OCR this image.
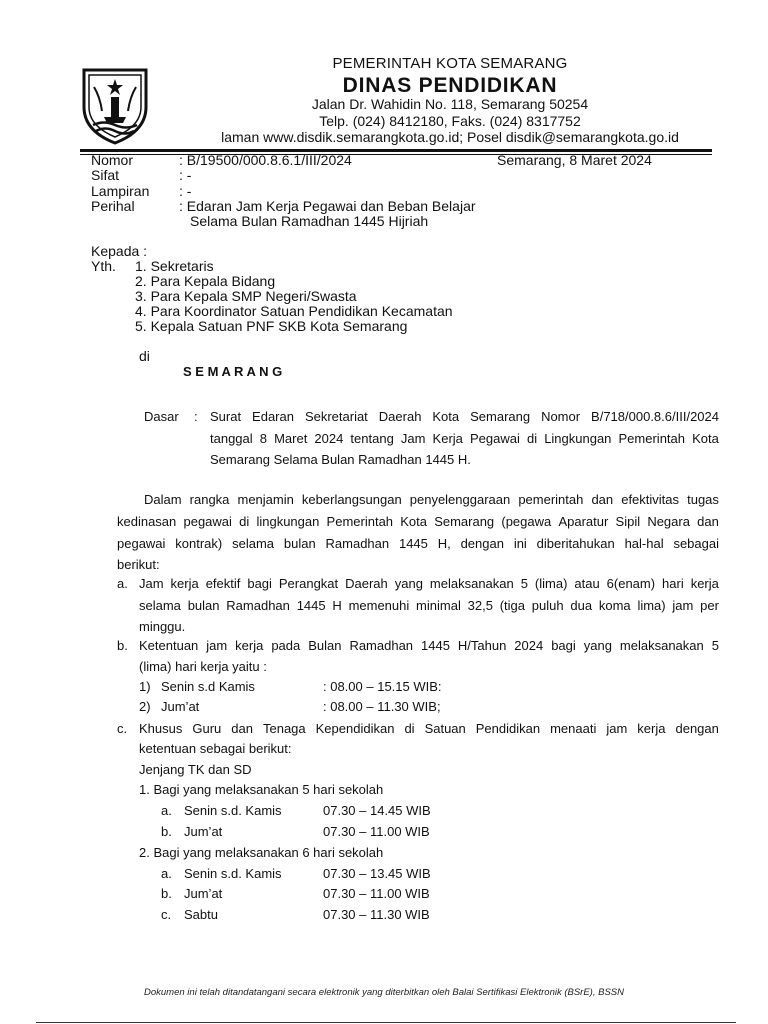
PEMERINTAH KOTA SEMARANG
DINAS PENDIDIKAN
Jalan Dr. Wahidin No. 118, Semarang 50254
Telp. (024) 8412180, Faks. (024) 8317752
laman www.disdik.semarangkota.go.id; Posel disdik@semarangkota.go.id
Nomor	: B/19500/000.8.6.1/III/2024	Semarang, 8 Maret 2024
Sifat	: -
Lampiran : -
Perihal	: Edaran Jam Kerja Pegawai dan Beban Belajar
Selama Bulan Ramadhan 1445 Hijriah
Kepada :
Yth. 1. Sekretaris
2. Para Kepala Bidang
3. Para Kepala SMP Negeri/Swasta
4. Para Koordinator Satuan Pendidikan Kecamatan
5. Kepala Satuan PNF SKB Kota Semarang
di
S E M A R A N G
Dasar : Surat Edaran Sekretariat Daerah Kota Semarang Nomor B/718/000.8.6/III/2024
tanggal 8 Maret 2024 tentang Jam Kerja Pegawai di Lingkungan Pemerintah Kota
Semarang Selama Bulan Ramadhan 1445 H.
Dalam rangka menjamin keberlangsungan penyelenggaraan pemerintah dan efektivitas tugas
kedinasan pegawai di lingkungan Pemerintah Kota Semarang (pegawa Aparatur Sipil Negara dan
pegawai kontrak) selama bulan Ramadhan 1445 H, dengan ini diberitahukan hal-hal sebagai
berikut:
a. Jam kerja efektif bagi Perangkat Daerah yang melaksanakan 5 (lima) atau 6(enam) hari kerja
selama bulan Ramadhan 1445 H memenuhi minimal 32,5 (tiga puluh dua koma lima) jam per
minggu.
b. Ketentuan jam kerja pada Bulan Ramadhan 1445 H/Tahun 2024 bagi yang melaksanakan 5
(lima) hari kerja yaitu :
1) Senin s.d Kamis	: 08.00 – 15.15 WIB:
2) Jum’at	: 08.00 – 11.30 WIB;
c. Khusus Guru dan Tenaga Kependidikan di Satuan Pendidikan menaati jam kerja dengan
ketentuan sebagai berikut:
Jenjang TK dan SD
1. Bagi yang melaksanakan 5 hari sekolah
a. Senin s.d. Kamis	07.30 – 14.45 WIB
b. Jum’at	07.30 – 11.00 WIB
2. Bagi yang melaksanakan 6 hari sekolah
a. Senin s.d. Kamis	07.30 – 13.45 WIB
b. Jum’at	07.30 – 11.00 WIB
c. Sabtu	07.30 – 11.30 WIB
Dokumen ini telah ditandatangani secara elektronik yang diterbitkan oleh Balai Sertifikasi Elektronik (BSrE), BSSN
